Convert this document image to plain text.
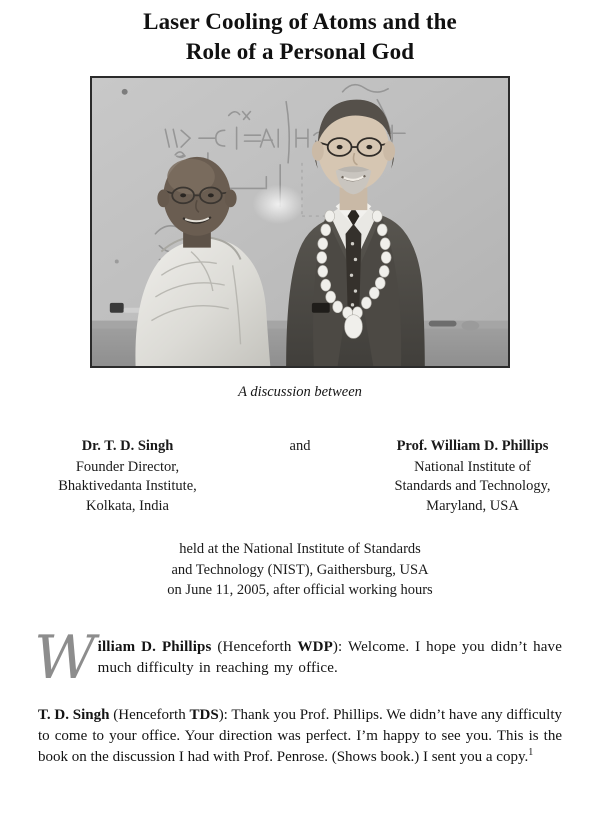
Laser Cooling of Atoms and the
Role of a Personal God
A discussion between
Dr. T. D. Singh
Founder Director,
Bhaktivedanta Institute,
Kolkata, India
and	Prof. William D. Phillips
National Institute of
Standards and Technology,
Maryland, USA
held at the National Institute of Standards
and Technology (NIST), Gaithersburg, USA
on June 11, 2005, after official working hours

W illiam D. Phillips (Henceforth WDP): Welcome. I hope you didn’t have much difficulty in reaching my office.

T. D. Singh (Henceforth TDS): Thank you Prof. Phillips. We didn’t have any difficulty to come to your office. Your direction was perfect. I’m happy to see you. This is the book on the discussion I had with Prof. Penrose. (Shows book.) I sent you a copy.$^1$
